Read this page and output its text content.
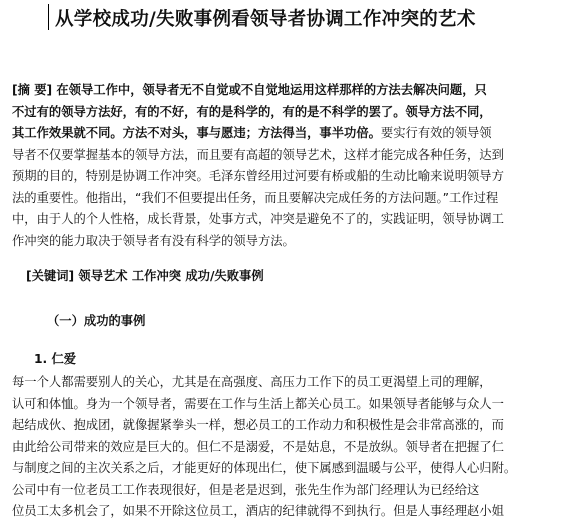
从学校成功/失败事例看领导者协调工作冲突的艺术
[摘 要] 在领导工作中，领导者无不自觉或不自觉地运用这样那样的方法去解决问题，只
不过有的领导方法好，有的不好，有的是科学的，有的是不科学的罢了。领导方法不同，
其工作效果就不同。方法不对头，事与愿违；方法得当，事半功倍。要实行有效的领导领
导者不仅要掌握基本的领导方法，而且要有高超的领导艺术，这样才能完成各种任务，达到
预期的目的，特别是协调工作冲突。毛泽东曾经用过河要有桥或船的生动比喻来说明领导方
法的重要性。他指出，“我们不但要提出任务，而且要解决完成任务的方法问题。”工作过程
中，由于人的个人性格，成长背景，处事方式，冲突是避免不了的，实践证明，领导协调工
作冲突的能力取决于领导者有没有科学的领导方法。
[关键词] 领导艺术 工作冲突 成功/失败事例
（一）成功的事例
1. 仁爱
每一个人都需要别人的关心，尤其是在高强度、高压力工作下的员工更渴望上司的理解，
认可和体恤。身为一个领导者，需要在工作与生活上都关心员工。如果领导者能够与众人一
起结成伙、抱成团，就像握紧拳头一样，想必员工的工作动力和积极性是会非常高涨的，而
由此给公司带来的效应是巨大的。但仁不是溺爱，不是姑息，不是放纵。领导者在把握了仁
与制度之间的主次关系之后，才能更好的体现出仁，使下属感到温暖与公平，使得人心归附。
公司中有一位老员工工作表现很好，但是老是迟到，张先生作为部门经理认为已经给这
位员工太多机会了，如果不开除这位员工，酒店的纪律就得不到执行。但是人事经理赵小姐
